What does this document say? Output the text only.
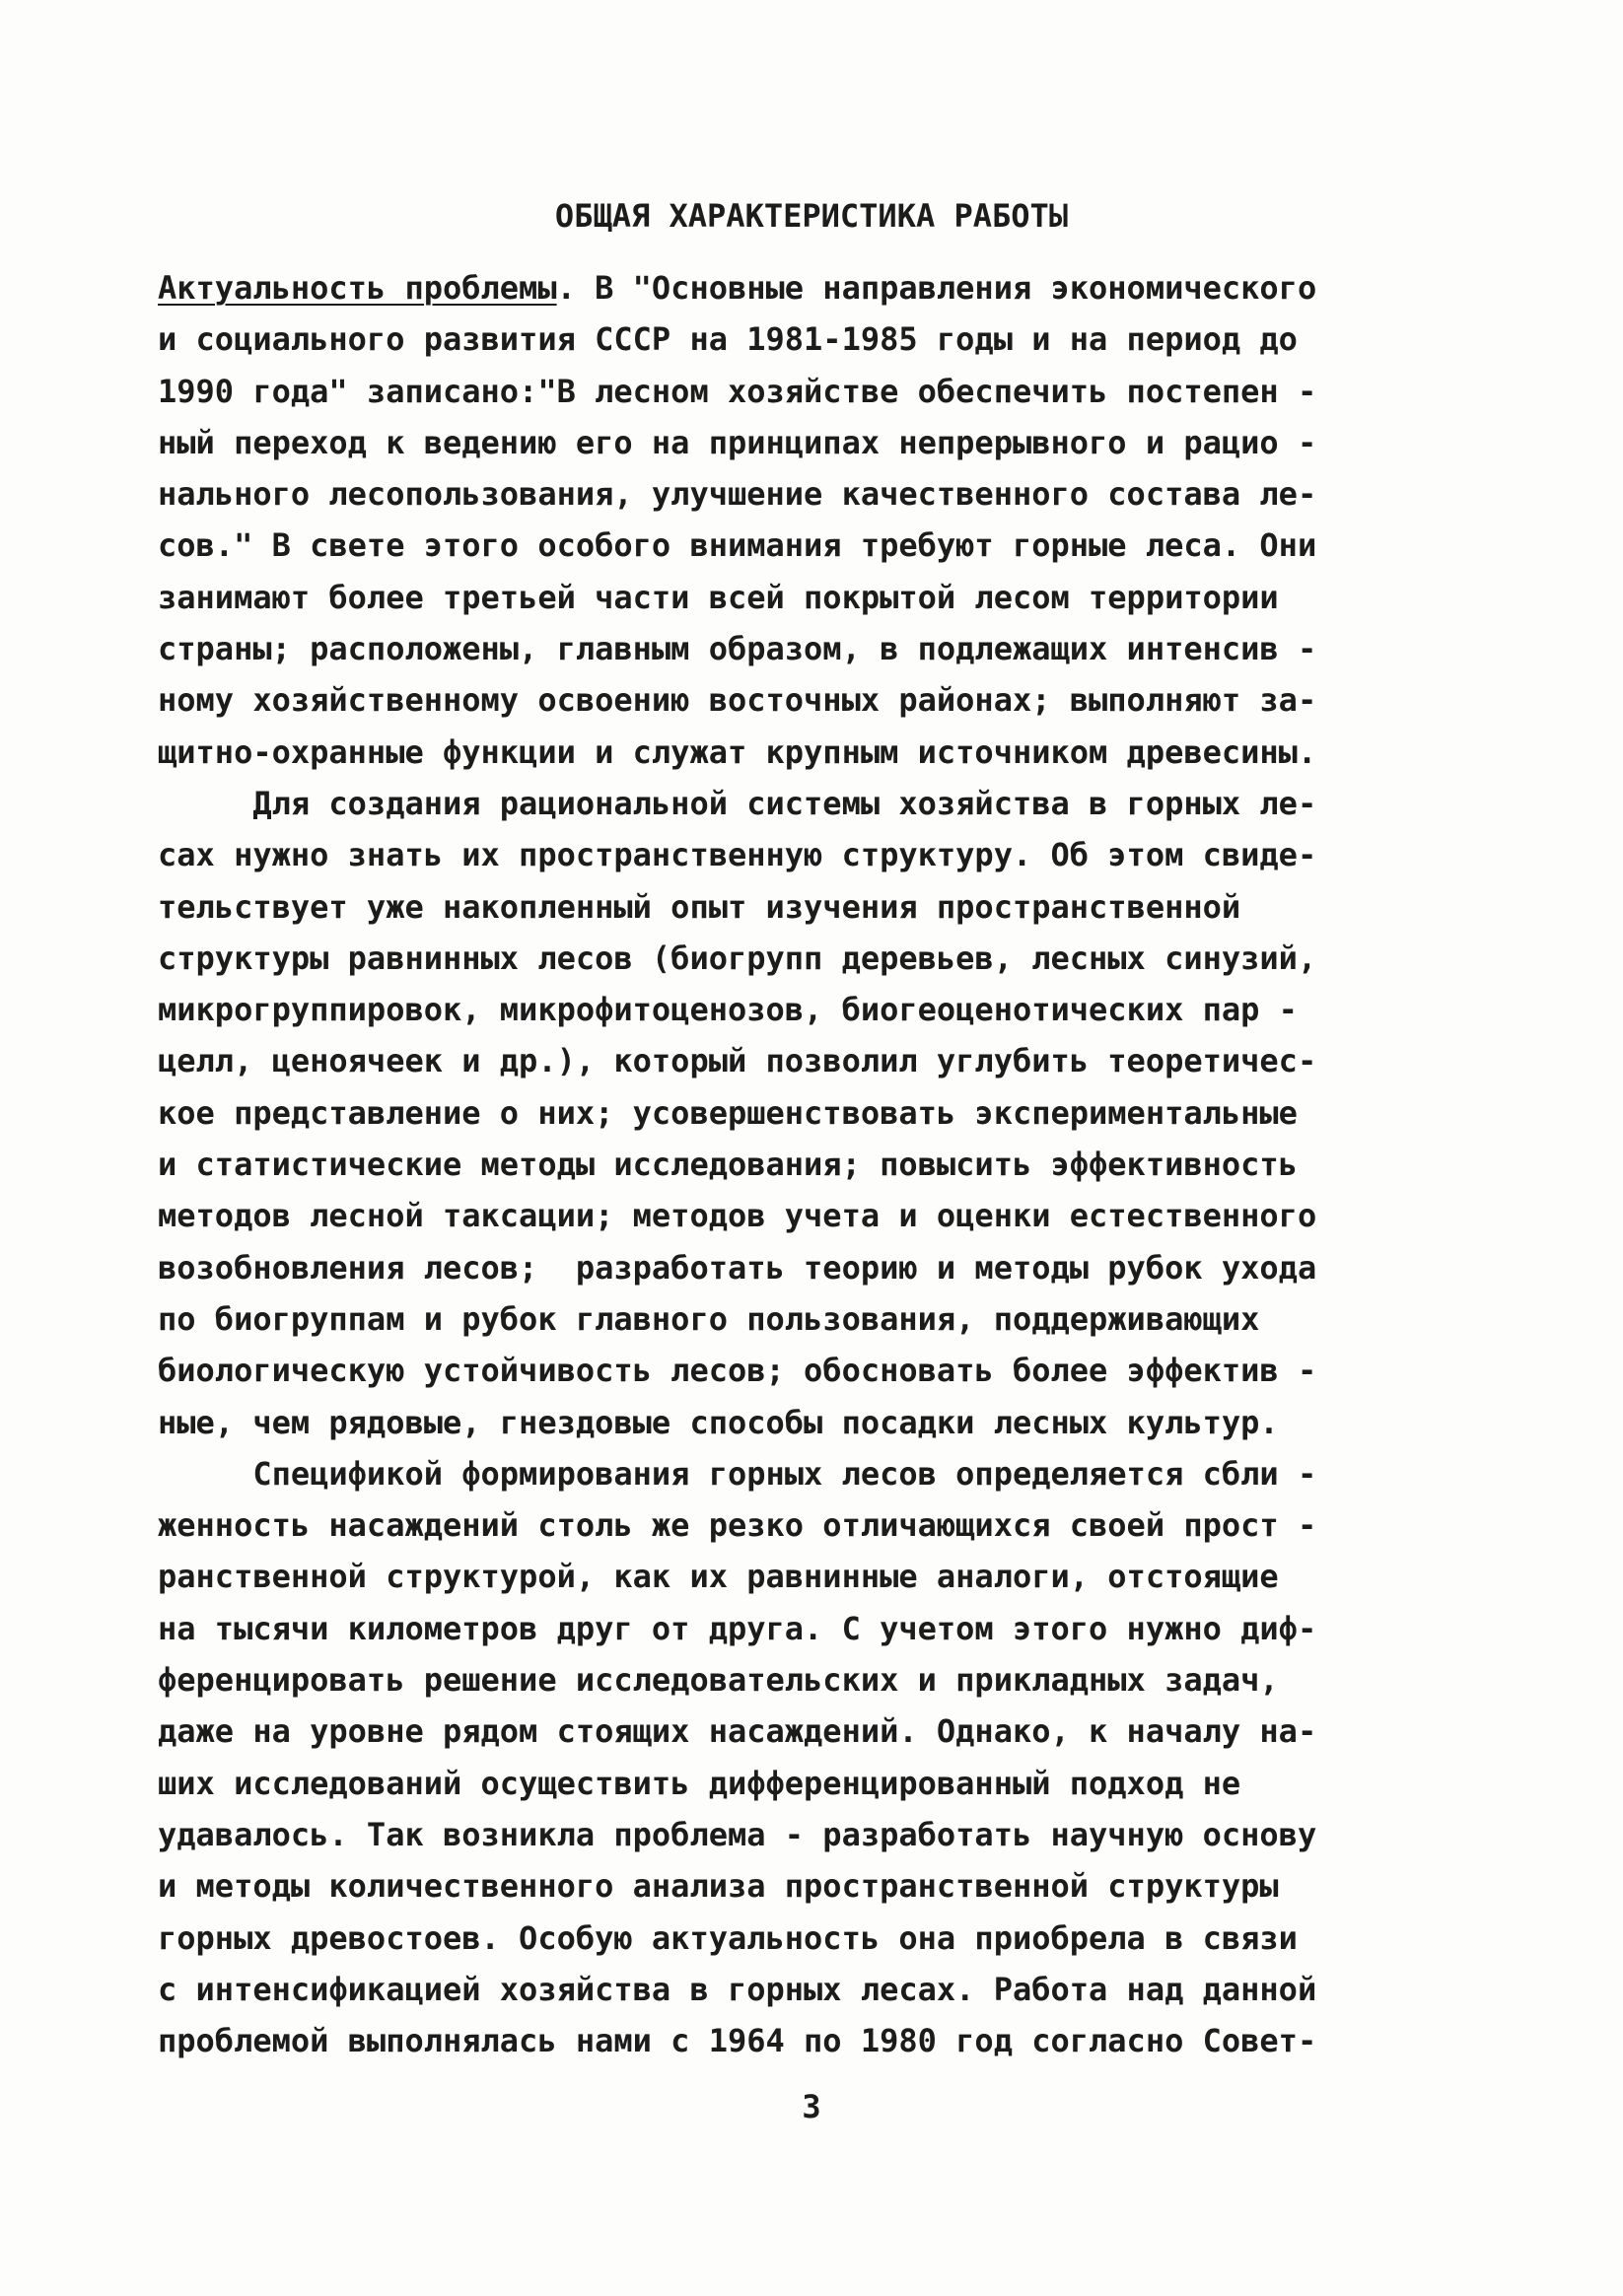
ОБЩАЯ ХАРАКТЕРИСТИКА РАБОТЫ
Актуальность проблемы. В "Основные направления экономического
и социального развития СССР на 1981-1985 годы и на период до
1990 года" записано:"В лесном хозяйстве обеспечить постепен -
ный переход к ведению его на принципах непрерывного и рацио -
нального лесопользования, улучшение качественного состава ле-
сов." В свете этого особого внимания требуют горные леса. Они
занимают более третьей части всей покрытой лесом территории
страны; расположены, главным образом, в подлежащих интенсив -
ному хозяйственному освоению восточных районах; выполняют за-
щитно-охранные функции и служат крупным источником древесины.
Для создания рациональной системы хозяйства в горных ле-
сах нужно знать их пространственную структуру. Об этом свиде-
тельствует уже накопленный опыт изучения пространственной
структуры равнинных лесов (биогрупп деревьев, лесных синузий,
микрогруппировок, микрофитоценозов, биогеоценотических пар -
целл, ценоячеек и др.), который позволил углубить теоретичес-
кое представление о них; усовершенствовать экспериментальные
и статистические методы исследования; повысить эффективность
методов лесной таксации; методов учета и оценки естественного
возобновления лесов;  разработать теорию и методы рубок ухода
по биогруппам и рубок главного пользования, поддерживающих
биологическую устойчивость лесов; обосновать более эффектив -
ные, чем рядовые, гнездовые способы посадки лесных культур.
Спецификой формирования горных лесов определяется сбли -
женность насаждений столь же резко отличающихся своей прост -
ранственной структурой, как их равнинные аналоги, отстоящие
на тысячи километров друг от друга. С учетом этого нужно диф-
ференцировать решение исследовательских и прикладных задач,
даже на уровне рядом стоящих насаждений. Однако, к началу на-
ших исследований осуществить дифференцированный подход не
удавалось. Так возникла проблема - разработать научную основу
и методы количественного анализа пространственной структуры
горных древостоев. Особую актуальность она приобрела в связи
с интенсификацией хозяйства в горных лесах. Работа над данной
проблемой выполнялась нами с 1964 по 1980 год согласно Совет-
3
